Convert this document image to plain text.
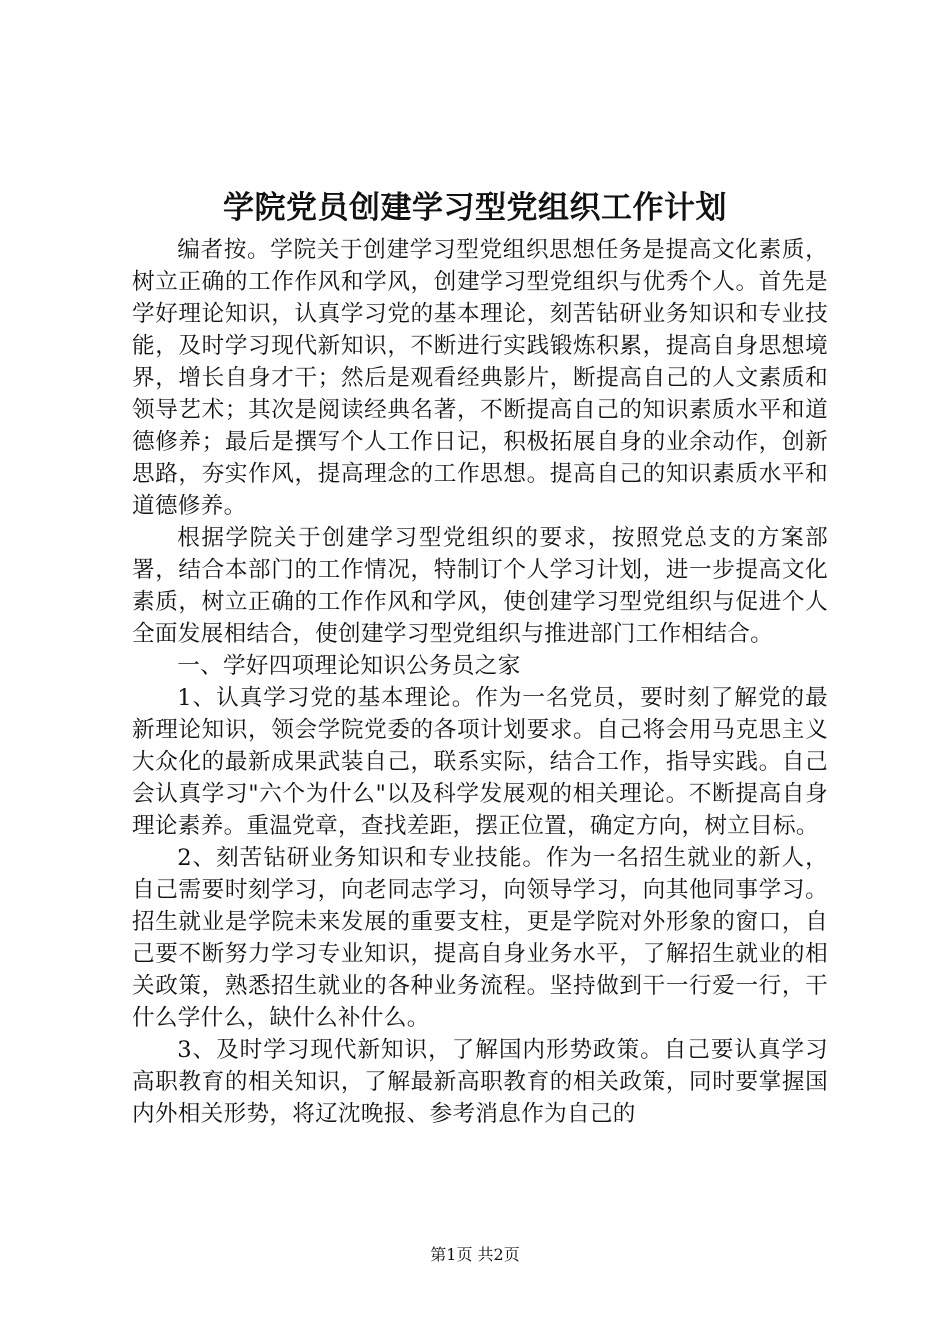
学院党员创建学习型党组织工作计划

编者按。学院关于创建学习型党组织思想任务是提高文化素质，树立正确的工作作风和学风，创建学习型党组织与优秀个人。首先是学好理论知识，认真学习党的基本理论，刻苦钻研业务知识和专业技能，及时学习现代新知识，不断进行实践锻炼积累，提高自身思想境界，增长自身才干；然后是观看经典影片，断提高自己的人文素质和领导艺术；其次是阅读经典名著，不断提高自己的知识素质水平和道德修养；最后是撰写个人工作日记，积极拓展自身的业余动作，创新思路，夯实作风，提高理念的工作思想。提高自己的知识素质水平和道德修养。

根据学院关于创建学习型党组织的要求，按照党总支的方案部署，结合本部门的工作情况，特制订个人学习计划，进一步提高文化素质，树立正确的工作作风和学风，使创建学习型党组织与促进个人全面发展相结合，使创建学习型党组织与推进部门工作相结合。

一、学好四项理论知识公务员之家

1、认真学习党的基本理论。作为一名党员，要时刻了解党的最新理论知识，领会学院党委的各项计划要求。自己将会用马克思主义大众化的最新成果武装自己，联系实际，结合工作，指导实践。自己会认真学习"六个为什么"以及科学发展观的相关理论。不断提高自身理论素养。重温党章，查找差距，摆正位置，确定方向，树立目标。

2、刻苦钻研业务知识和专业技能。作为一名招生就业的新人，自己需要时刻学习，向老同志学习，向领导学习，向其他同事学习。招生就业是学院未来发展的重要支柱，更是学院对外形象的窗口，自己要不断努力学习专业知识，提高自身业务水平，了解招生就业的相关政策，熟悉招生就业的各种业务流程。坚持做到干一行爱一行，干什么学什么，缺什么补什么。

3、及时学习现代新知识，了解国内形势政策。自己要认真学习高职教育的相关知识，了解最新高职教育的相关政策，同时要掌握国内外相关形势，将辽沈晚报、参考消息作为自己的

第1页 共2页
